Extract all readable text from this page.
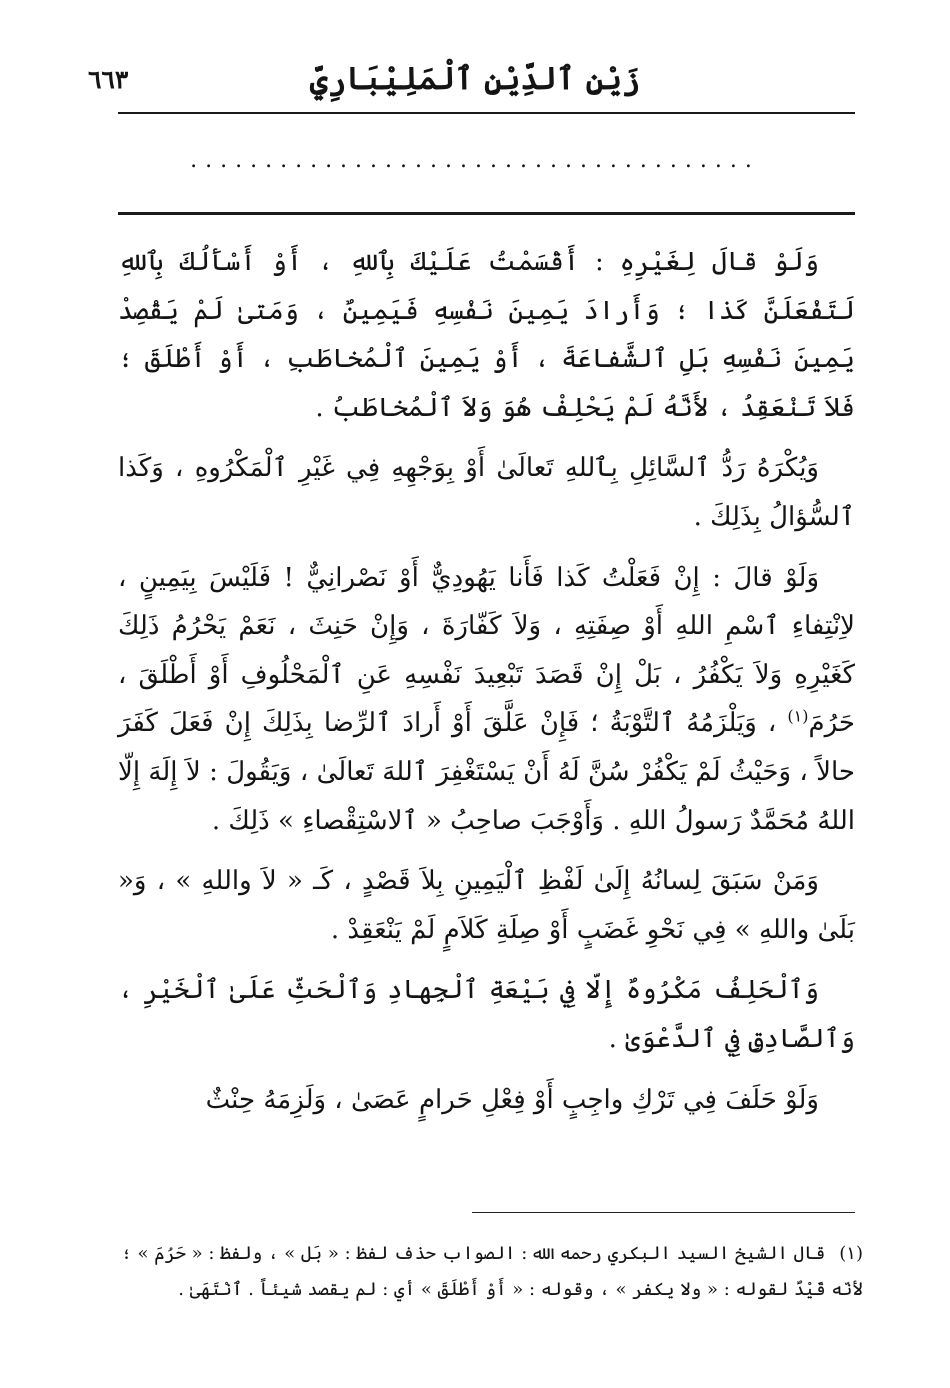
زَيْنِ ٱلدِّيْنِ ٱلْمَلِيْبَارِيِّ
٦٦٣
......................................

وَلَوْ قالَ لِغَيْرِهِ : أَقْسَمْتُ عَلَيْكَ بِٱللهِ ، أَوْ أَسْأَلُكَ بِٱللهِ لَتَفْعَلَنَّ كَذا ؛ وَأَرادَ يَمِينَ نَفْسِهِ فَيَمِينٌ ، وَمَتىٰ لَمْ يَقْصِدْ يَمِينَ نَفْسِهِ بَلِ ٱلشَّفاعَةَ ، أَوْ يَمِينَ ٱلْمُخاطَبِ ، أَوْ أَطْلَقَ ؛ فَلاَ تَنْعَقِدُ ، لأَنَّهُ لَمْ يَحْلِفْ هُوَ وَلاَ ٱلْمُخاطَبُ .

وَيُكْرَهُ رَدُّ ٱلسَّائِلِ بِٱللهِ تَعالَىٰ أَوْ بِوَجْهِهِ فِي غَيْرِ ٱلْمَكْرُوهِ ، وَكَذا ٱلسُّؤالُ بِذَلِكَ .

وَلَوْ قالَ : إِنْ فَعَلْتُ كَذا فَأَنا يَهُودِيٌّ أَوْ نَصْرانِيٌّ ! فَلَيْسَ بِيَمِينٍ ، لاِنْتِفاءِ ٱسْمِ اللهِ أَوْ صِفَتِهِ ، وَلاَ كَفّارَةَ ، وَإِنْ حَنِثَ ، نَعَمْ يَحْرُمُ ذَلِكَ كَغَيْرِهِ وَلاَ يَكْفُرُ ، بَلْ إِنْ قَصَدَ تَبْعِيدَ نَفْسِهِ عَنِ ٱلْمَحْلُوفِ أَوْ أَطْلَقَ ، حَرُمَ$^{(١)}$ ، وَيَلْزَمُهُ ٱلتَّوْبَةُ ؛ فَإِنْ عَلَّقَ أَوْ أَرادَ ٱلرِّضا بِذَلِكَ إِنْ فَعَلَ كَفَرَ حالاً ، وَحَيْثُ لَمْ يَكْفُرْ سُنَّ لَهُ أَنْ يَسْتَغْفِرَ ٱللهَ تَعالَىٰ ، وَيَقُولَ : لاَ إِلَهَ إِلّا اللهُ مُحَمَّدٌ رَسولُ اللهِ . وَأَوْجَبَ صاحِبُ « ٱلاسْتِقْصاءِ » ذَلِكَ .

وَمَنْ سَبَقَ لِسانُهُ إِلَىٰ لَفْظِ ٱلْيَمِينِ بِلاَ قَصْدٍ ، كَـ « لاَ واللهِ » ، وَ« بَلَىٰ واللهِ » فِي نَحْوِ غَضَبٍ أَوْ صِلَةِ كَلاَمٍ لَمْ يَنْعَقِدْ .

وَٱلْحَلِفُ مَكْرُوهٌ إِلّا فِي بَيْعَةِ ٱلْجِهادِ وَٱلْحَثِّ عَلَىٰ ٱلْخَيْرِ ، وَٱلصَّادِقِ فِي ٱلدَّعْوَىٰ .

وَلَوْ حَلَفَ فِي تَرْكِ واجِبٍ أَوْ فِعْلِ حَرامٍ عَصَىٰ ، وَلَزِمَهُ حِنْثٌ

(١)قال الشيخ السيد البكري رحمه الله : الصواب حذف لفظ : « بَل » ، ولفظ : « حَرُمَ » ؛ لأنّه قَيْدٌ لقوله : « ولا يكفر » ، وقوله : « أَوْ أَطْلَقَ » أي : لم يقصد شيئاً . ٱنْتَهَىٰ .
